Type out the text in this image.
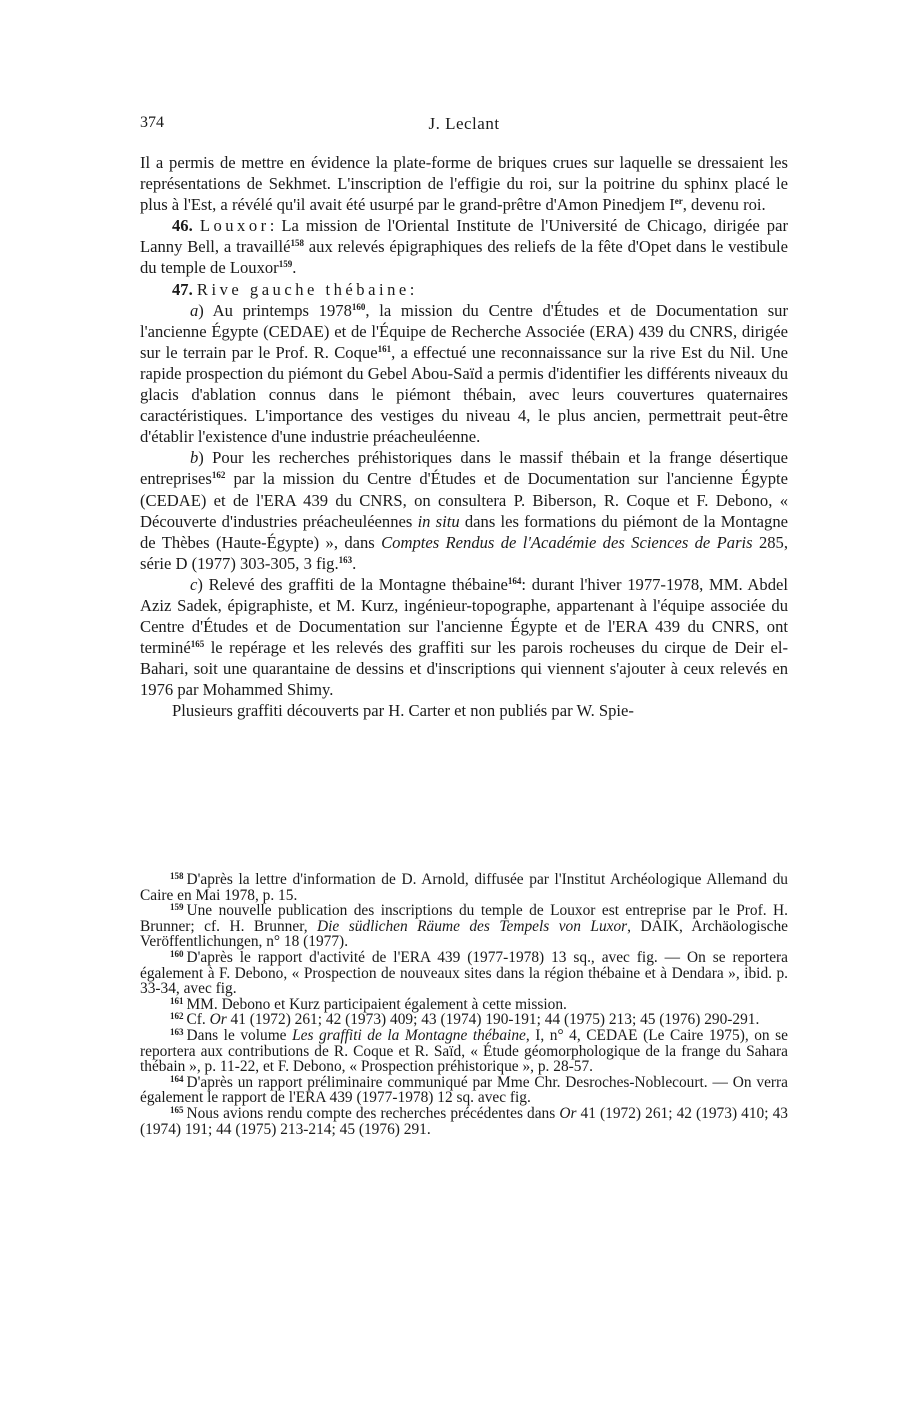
374	J. Leclant

Il a permis de mettre en évidence la plate-forme de briques crues sur laquelle se dressaient les représentations de Sekhmet. L'inscription de l'effigie du roi, sur la poitrine du sphinx placé le plus à l'Est, a révélé qu'il avait été usurpé par le grand-prêtre d'Amon Pinedjem Ier, devenu roi.

46. Louxor: La mission de l'Oriental Institute de l'Université de Chicago, dirigée par Lanny Bell, a travaillé$^{158}$ aux relevés épigraphiques des reliefs de la fête d'Opet dans le vestibule du temple de Louxor$^{159}$.

47. Rive gauche thébaine:

a) Au printemps 1978$^{160}$, la mission du Centre d'Études et de Documentation sur l'ancienne Égypte (CEDAE) et de l'Équipe de Recherche Associée (ERA) 439 du CNRS, dirigée sur le terrain par le Prof. R. Coque$^{161}$, a effectué une reconnaissance sur la rive Est du Nil. Une rapide prospection du piémont du Gebel Abou-Saïd a permis d'identifier les différents niveaux du glacis d'ablation connus dans le piémont thébain, avec leurs couvertures quaternaires caractéristiques. L'importance des vestiges du niveau 4, le plus ancien, permettrait peut-être d'établir l'existence d'une industrie préacheuléenne.

b) Pour les recherches préhistoriques dans le massif thébain et la frange désertique entreprises$^{162}$ par la mission du Centre d'Études et de Documentation sur l'ancienne Égypte (CEDAE) et de l'ERA 439 du CNRS, on consultera P. Biberson, R. Coque et F. Debono, « Découverte d'industries préacheuléennes in situ dans les formations du piémont de la Montagne de Thèbes (Haute-Égypte) », dans Comptes Rendus de l'Académie des Sciences de Paris 285, série D (1977) 303-305, 3 fig.$^{163}$.

c) Relevé des graffiti de la Montagne thébaine$^{164}$: durant l'hiver 1977-1978, MM. Abdel Aziz Sadek, épigraphiste, et M. Kurz, ingénieur-topographe, appartenant à l'équipe associée du Centre d'Études et de Documentation sur l'ancienne Égypte et de l'ERA 439 du CNRS, ont terminé$^{165}$ le repérage et les relevés des graffiti sur les parois rocheuses du cirque de Deir el-Bahari, soit une quarantaine de dessins et d'inscriptions qui viennent s'ajouter à ceux relevés en 1976 par Mohammed Shimy.

Plusieurs graffiti découverts par H. Carter et non publiés par W. Spie-

$^{158}$ D'après la lettre d'information de D. Arnold, diffusée par l'Institut Archéologique Allemand du Caire en Mai 1978, p. 15.

$^{159}$ Une nouvelle publication des inscriptions du temple de Louxor est entreprise par le Prof. H. Brunner; cf. H. Brunner, Die südlichen Räume des Tempels von Luxor, DAIK, Archäologische Veröffentlichungen, n° 18 (1977).

$^{160}$ D'après le rapport d'activité de l'ERA 439 (1977-1978) 13 sq., avec fig. — On se reportera également à F. Debono, « Prospection de nouveaux sites dans la région thébaine et à Dendara », ibid. p. 33-34, avec fig.

$^{161}$ MM. Debono et Kurz participaient également à cette mission.

$^{162}$ Cf. Or 41 (1972) 261; 42 (1973) 409; 43 (1974) 190-191; 44 (1975) 213; 45 (1976) 290-291.

$^{163}$ Dans le volume Les graffiti de la Montagne thébaine, I, n° 4, CEDAE (Le Caire 1975), on se reportera aux contributions de R. Coque et R. Saïd, « Étude géomorphologique de la frange du Sahara thébain », p. 11-22, et F. Debono, « Prospection préhistorique », p. 28-57.

$^{164}$ D'après un rapport préliminaire communiqué par Mme Chr. Desroches-Noblecourt. — On verra également le rapport de l'ERA 439 (1977-1978) 12 sq. avec fig.

$^{165}$ Nous avions rendu compte des recherches précédentes dans Or 41 (1972) 261; 42 (1973) 410; 43 (1974) 191; 44 (1975) 213-214; 45 (1976) 291.
